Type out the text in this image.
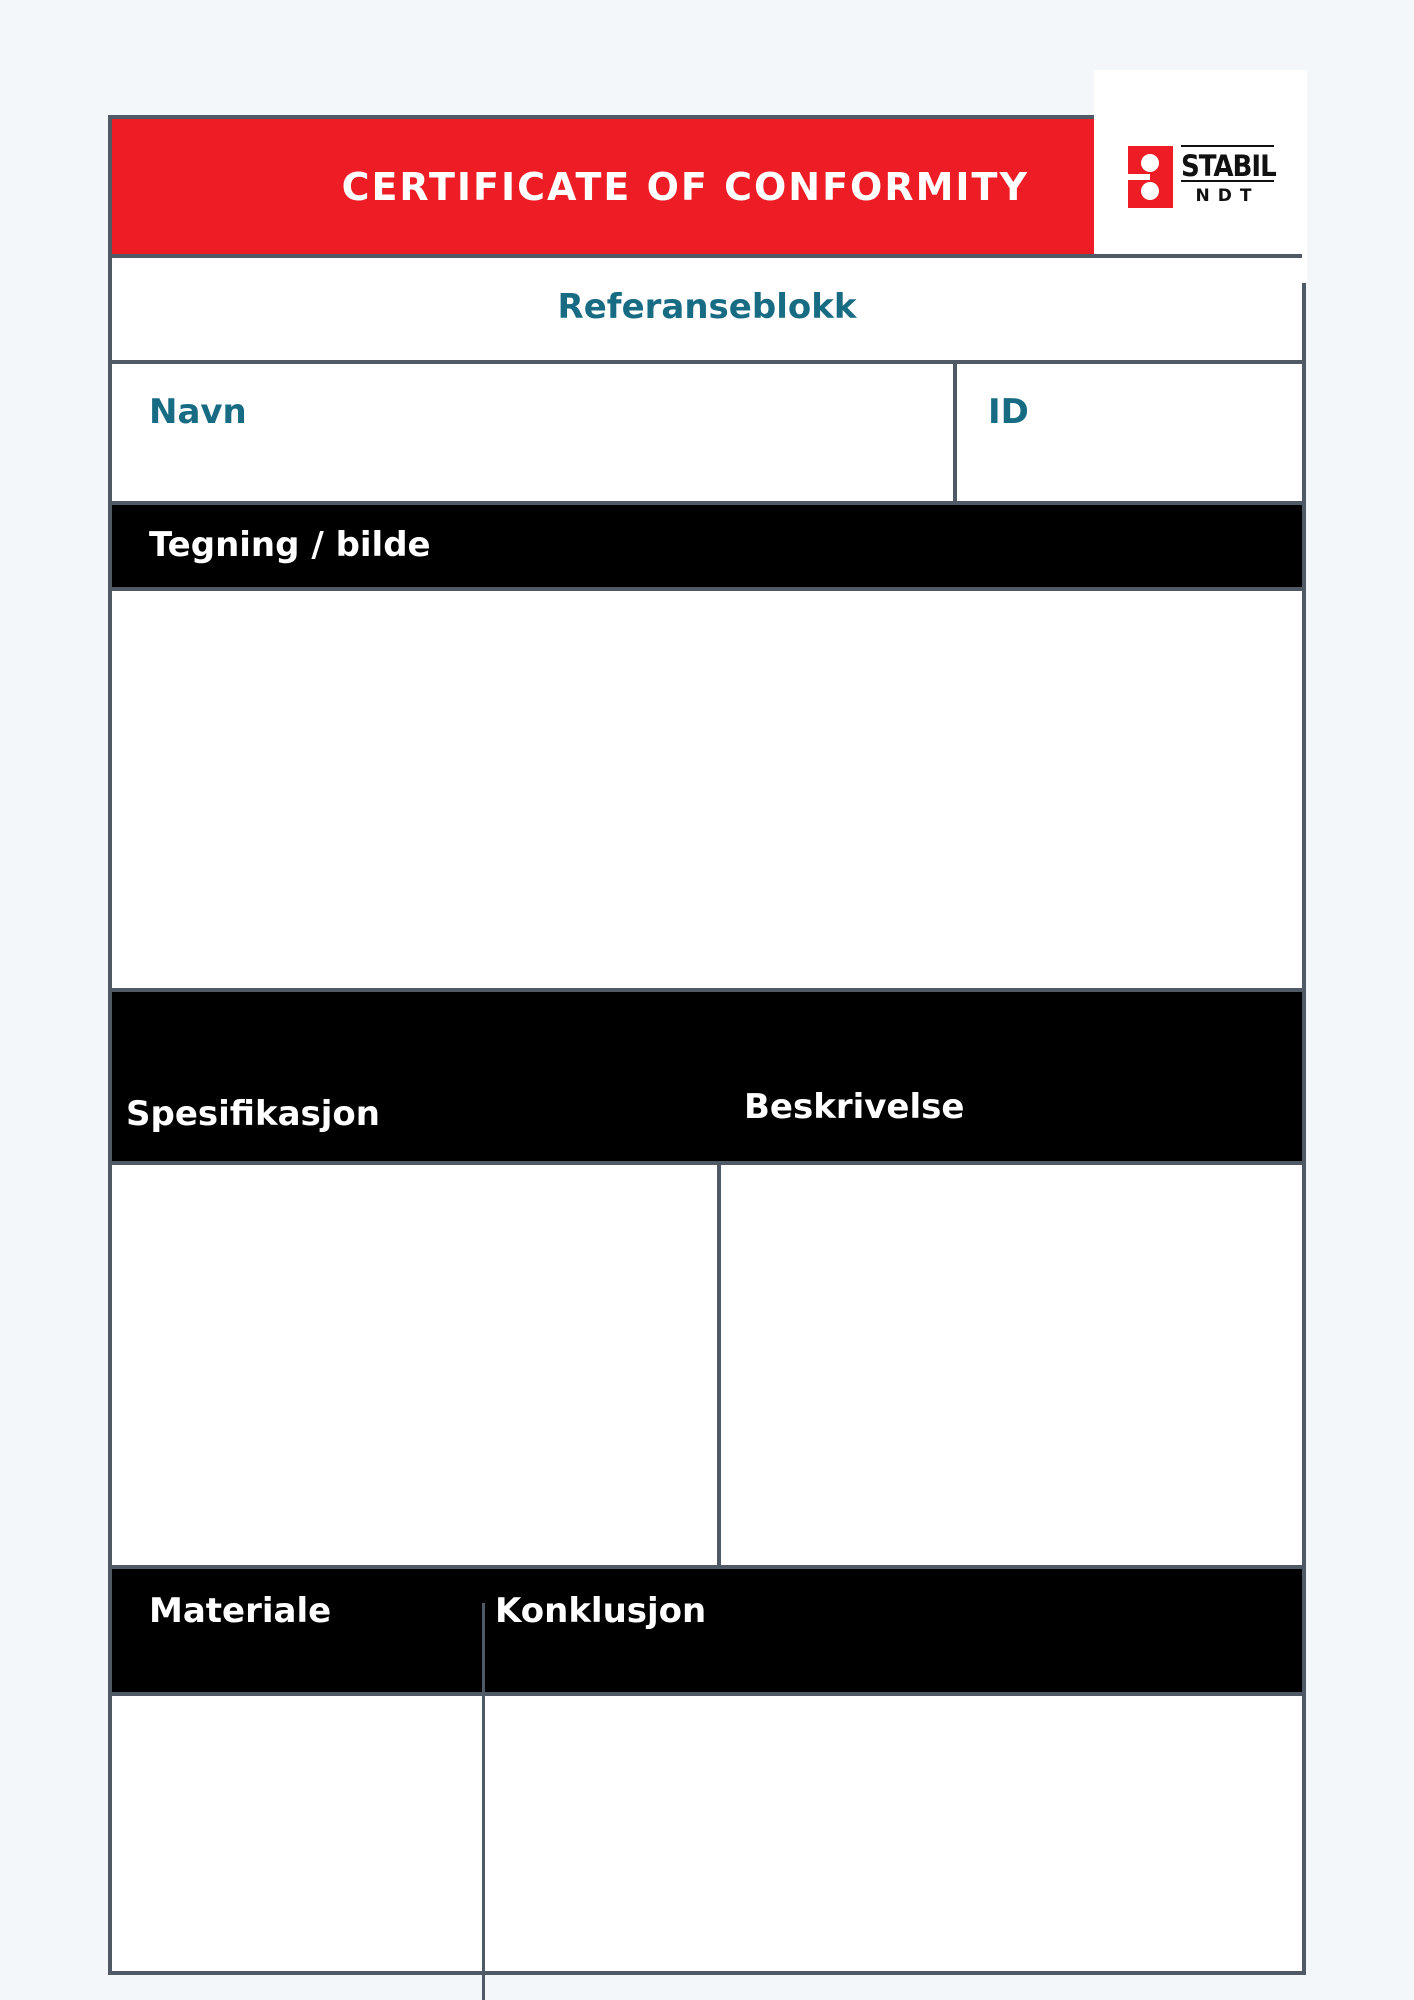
CERTIFICATE OF CONFORMITY	STABIL
NDT
Referanseblokk
Navn	ID
Tegning / bilde
Spesifikasjon	Beskrivelse
Materiale	Konklusjon
